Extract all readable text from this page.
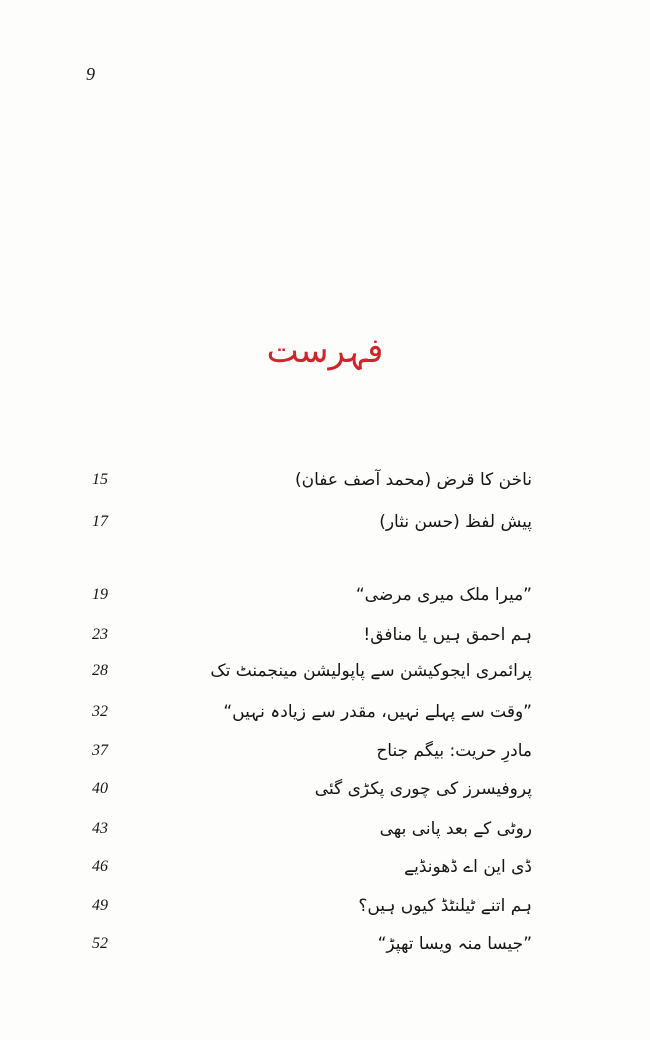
9
فہرست
ناخن کا قرض (محمد آصف عفان)
15
پیش لفظ (حسن نثار)
17
”میرا ملک میری مرضی“
19
ہم احمق ہیں یا منافق!
23
پرائمری ایجوکیشن سے پاپولیشن مینجمنٹ تک
28
”وقت سے پہلے نہیں، مقدر سے زیادہ نہیں“
32
مادرِ حریت: بیگم جناح
37
پروفیسرز کی چوری پکڑی گئی
40
روٹی کے بعد پانی بھی
43
ڈی این اے ڈھونڈیے
46
ہم اتنے ٹیلنٹڈ کیوں ہیں؟
49
”جیسا منہ ویسا تھپڑ“
52
